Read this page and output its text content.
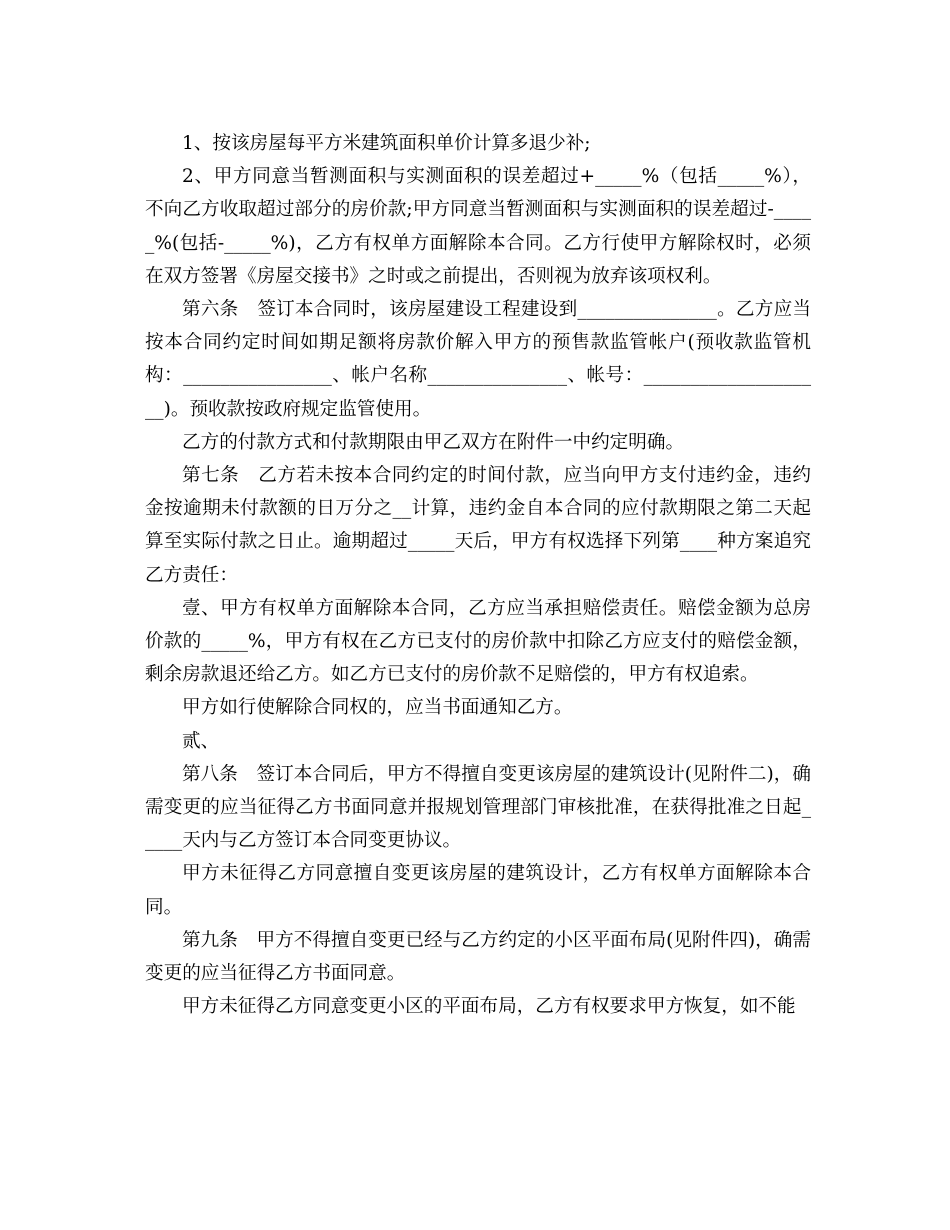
1、按该房屋每平方米建筑面积单价计算多退少补;

2、甲方同意当暂测面积与实测面积的误差超过+_____%（包括_____%），不向乙方收取超过部分的房价款;甲方同意当暂测面积与实测面积的误差超过-_____%(包括-_____%)，乙方有权单方面解除本合同。乙方行使甲方解除权时，必须在双方签署《房屋交接书》之时或之前提出，否则视为放弃该项权利。

第六条　签订本合同时，该房屋建设工程建设到_______________。乙方应当按本合同约定时间如期足额将房款价解入甲方的预售款监管帐户(预收款监管机构：________________、帐户名称_______________、帐号：____________________)。预收款按政府规定监管使用。

乙方的付款方式和付款期限由甲乙双方在附件一中约定明确。

第七条　乙方若未按本合同约定的时间付款，应当向甲方支付违约金，违约金按逾期未付款额的日万分之__计算，违约金自本合同的应付款期限之第二天起算至实际付款之日止。逾期超过_____天后，甲方有权选择下列第____种方案追究乙方责任：

壹、甲方有权单方面解除本合同，乙方应当承担赔偿责任。赔偿金额为总房价款的_____%，甲方有权在乙方已支付的房价款中扣除乙方应支付的赔偿金额，剩余房款退还给乙方。如乙方已支付的房价款不足赔偿的，甲方有权追索。

甲方如行使解除合同权的，应当书面通知乙方。

贰、

第八条　签订本合同后，甲方不得擅自变更该房屋的建筑设计(见附件二)，确需变更的应当征得乙方书面同意并报规划管理部门审核批准，在获得批准之日起_____天内与乙方签订本合同变更协议。

甲方未征得乙方同意擅自变更该房屋的建筑设计，乙方有权单方面解除本合同。

第九条　甲方不得擅自变更已经与乙方约定的小区平面布局(见附件四)，确需变更的应当征得乙方书面同意。

甲方未征得乙方同意变更小区的平面布局，乙方有权要求甲方恢复，如不能
